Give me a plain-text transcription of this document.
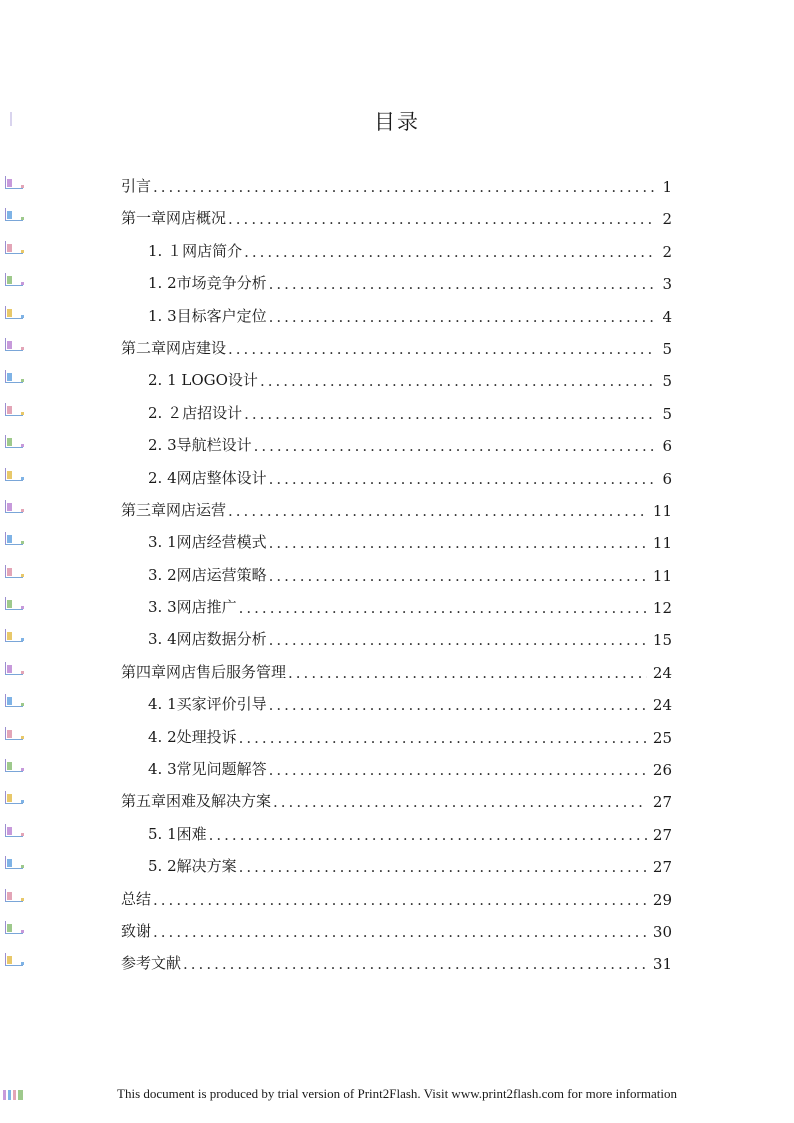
目录
引言 .....	1
第一章网店概况 .....	2
1. １网店简介 .....	2
1. 2市场竞争分析 .....	3
1. 3目标客户定位 .....	4
第二章网店建设 .....	5
2. 1 LOGO设计 .....	5
2. ２店招设计 .....	5
2. 3导航栏设计 .....	6
2. 4网店整体设计 .....	6
第三章网店运营 .....	11
3. 1网店经营模式 .....	11
3. 2网店运营策略 .....	11
3. 3网店推广 .....	12
3. 4网店数据分析 .....	15
第四章网店售后服务管理 .....	24
4. 1买家评价引导 .....	24
4. 2处理投诉 .....	25
4. 3常见问题解答 .....	26
第五章困难及解决方案 .....	27
5. 1困难 .....	27
5. 2解决方案 .....	27
总结 .....	29
致谢 .....	30
参考文献 .....	31
This document is produced by trial version of Print2Flash. Visit www.print2flash.com for more information
